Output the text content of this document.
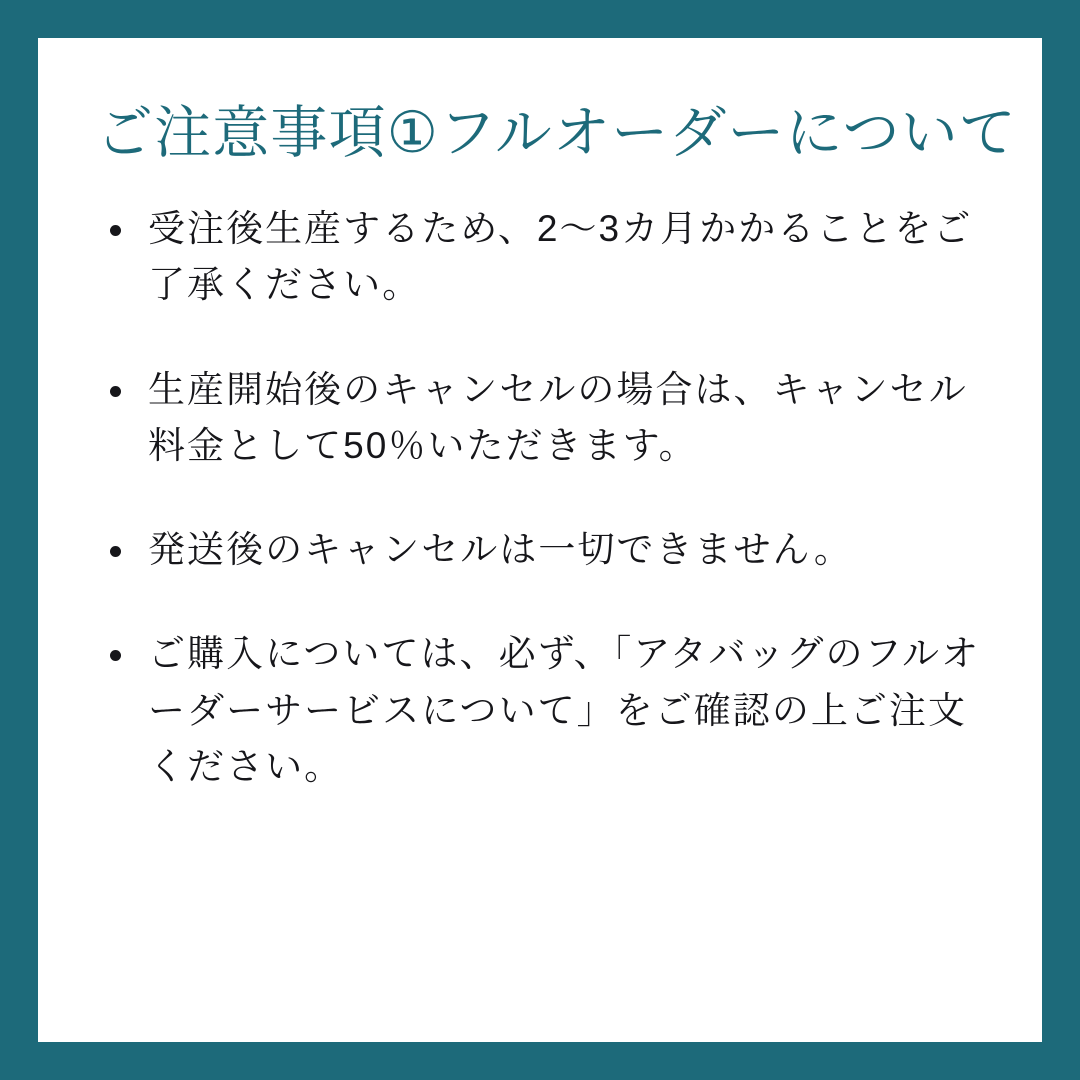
ご注意事項①フルオーダーについて
受注後生産するため、2〜3カ月かかることをご了承ください。
生産開始後のキャンセルの場合は、キャンセル料金として50％いただきます。
発送後のキャンセルは一切できません。
ご購入については、必ず、「アタバッグのフルオーダーサービスについて」をご確認の上ご注文ください。
